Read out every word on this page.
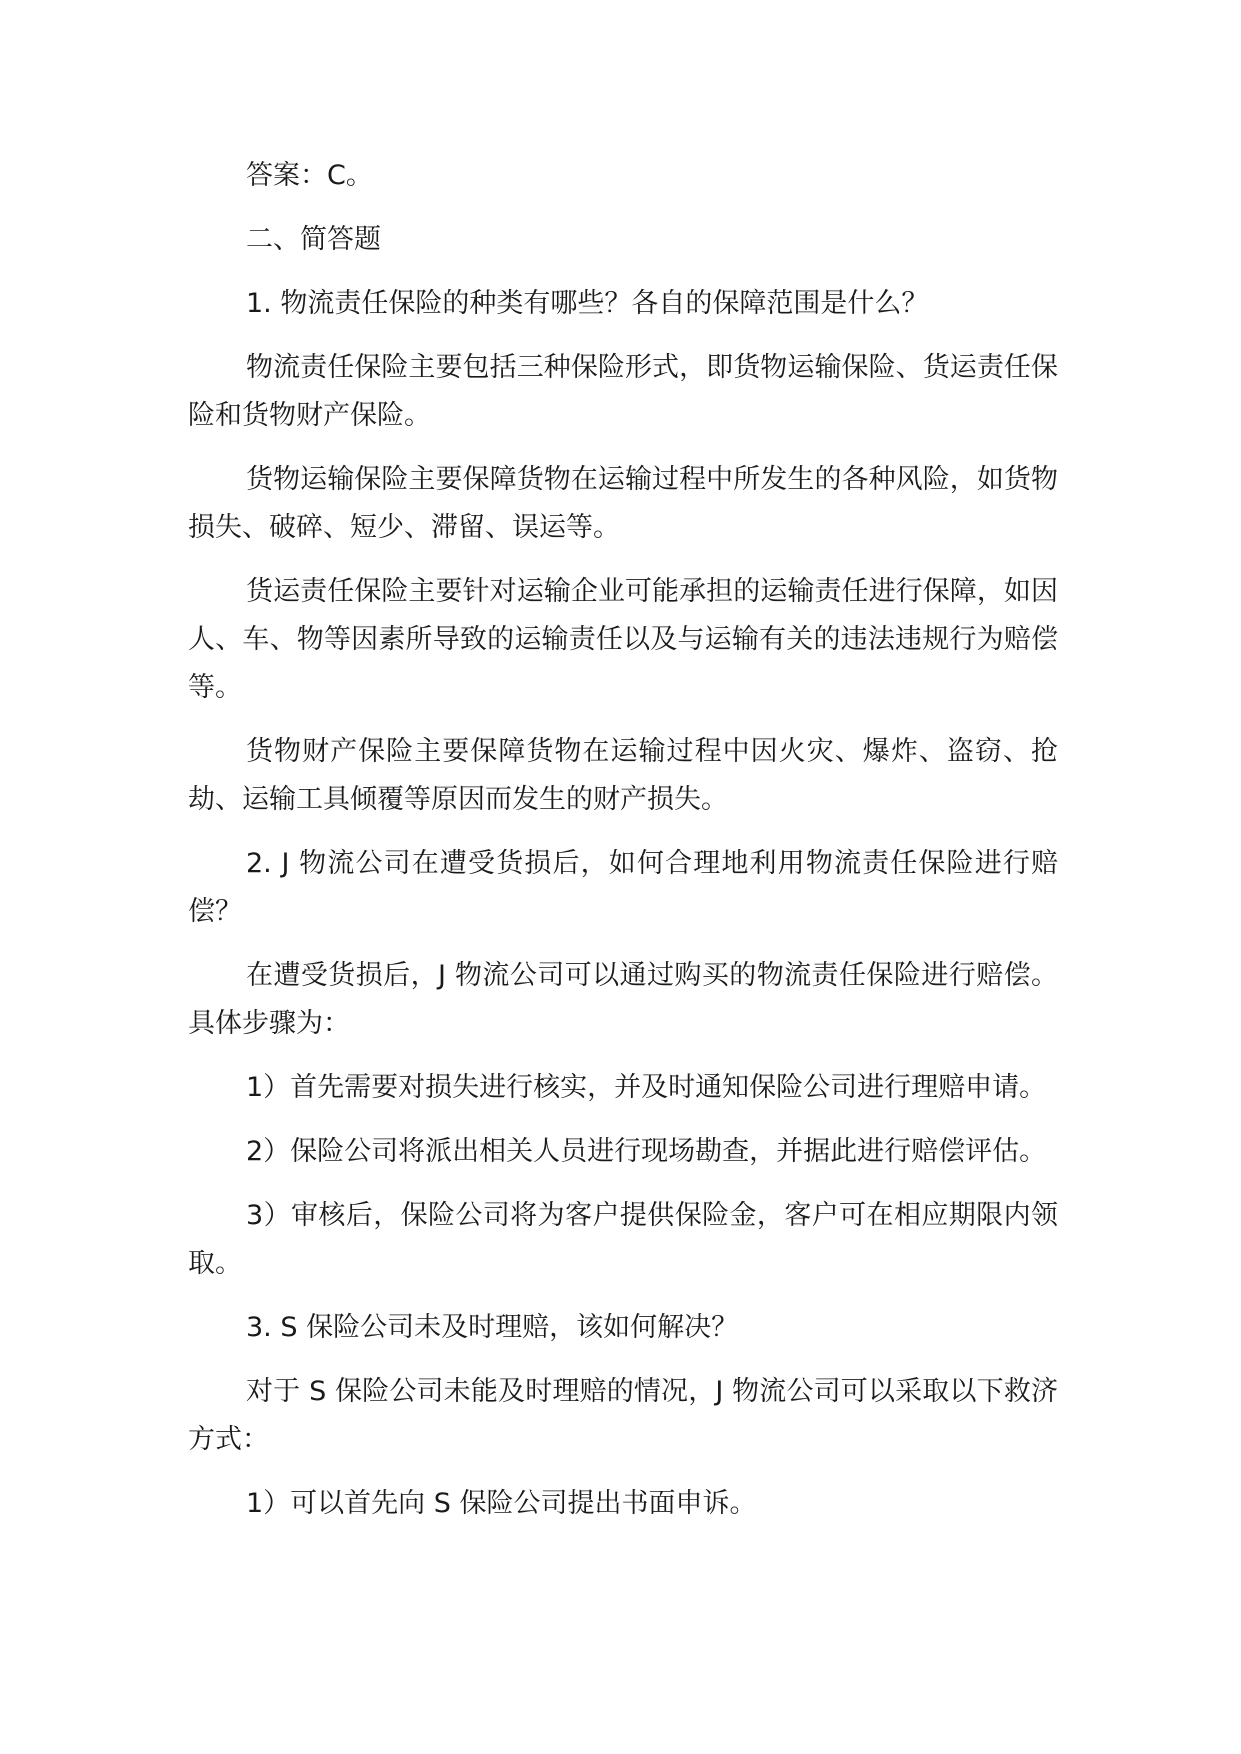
答案：C。

二、简答题

1. 物流责任保险的种类有哪些？各自的保障范围是什么？

物流责任保险主要包括三种保险形式，即货物运输保险、货运责任保险和货物财产保险。

货物运输保险主要保障货物在运输过程中所发生的各种风险，如货物损失、破碎、短少、滞留、误运等。

货运责任保险主要针对运输企业可能承担的运输责任进行保障，如因人、车、物等因素所导致的运输责任以及与运输有关的违法违规行为赔偿等。

货物财产保险主要保障货物在运输过程中因火灾、爆炸、盗窃、抢劫、运输工具倾覆等原因而发生的财产损失。

2. J 物流公司在遭受货损后，如何合理地利用物流责任保险进行赔偿？

在遭受货损后，J 物流公司可以通过购买的物流责任保险进行赔偿。具体步骤为：

1）首先需要对损失进行核实，并及时通知保险公司进行理赔申请。

2）保险公司将派出相关人员进行现场勘查，并据此进行赔偿评估。

3）审核后，保险公司将为客户提供保险金，客户可在相应期限内领取。

3. S 保险公司未及时理赔，该如何解决？

对于 S 保险公司未能及时理赔的情况，J 物流公司可以采取以下救济方式：

1）可以首先向 S 保险公司提出书面申诉。
